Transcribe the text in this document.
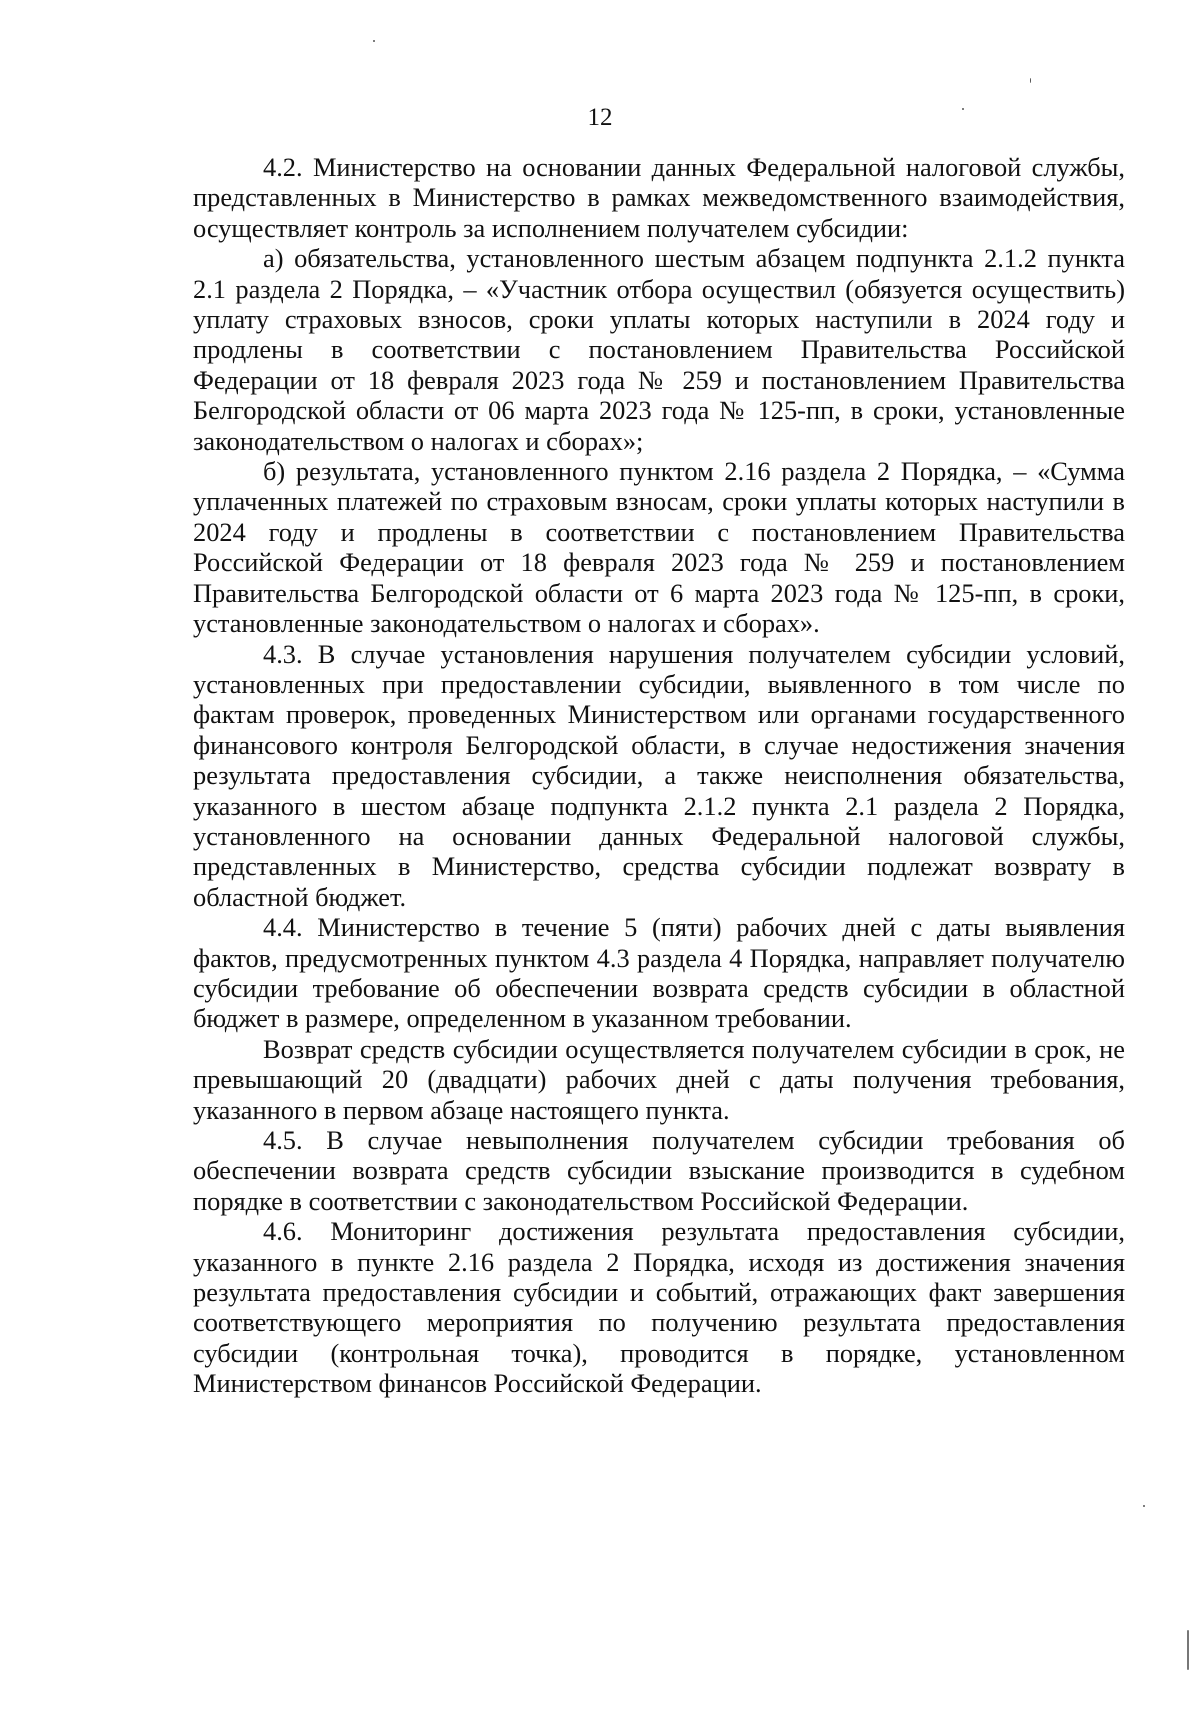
12

4.2. Министерство на основании данных Федеральной налоговой службы, представленных в Министерство в рамках межведомственного взаимодействия, осуществляет контроль за исполнением получателем субсидии:

а) обязательства, установленного шестым абзацем подпункта 2.1.2 пункта 2.1 раздела 2 Порядка, – «Участник отбора осуществил (обязуется осуществить) уплату страховых взносов, сроки уплаты которых наступили в 2024 году и продлены в соответствии с постановлением Правительства Российской Федерации от 18 февраля 2023 года № 259 и постановлением Правительства Белгородской области от 06 марта 2023 года № 125-пп, в сроки, установленные законодательством о налогах и сборах»;

б) результата, установленного пунктом 2.16 раздела 2 Порядка, – «Сумма уплаченных платежей по страховым взносам, сроки уплаты которых наступили в 2024 году и продлены в соответствии с постановлением Правительства Российской Федерации от 18 февраля 2023 года № 259 и постановлением Правительства Белгородской области от 6 марта 2023 года № 125-пп, в сроки, установленные законодательством о налогах и сборах».

4.3. В случае установления нарушения получателем субсидии условий, установленных при предоставлении субсидии, выявленного в том числе по фактам проверок, проведенных Министерством или органами государственного финансового контроля Белгородской области, в случае недостижения значения результата предоставления субсидии, а также неисполнения обязательства, указанного в шестом абзаце подпункта 2.1.2 пункта 2.1 раздела 2 Порядка, установленного на основании данных Федеральной налоговой службы, представленных в Министерство, средства субсидии подлежат возврату в областной бюджет.

4.4. Министерство в течение 5 (пяти) рабочих дней с даты выявления фактов, предусмотренных пунктом 4.3 раздела 4 Порядка, направляет получателю субсидии требование об обеспечении возврата средств субсидии в областной бюджет в размере, определенном в указанном требовании.

Возврат средств субсидии осуществляется получателем субсидии в срок, не превышающий 20 (двадцати) рабочих дней с даты получения требования, указанного в первом абзаце настоящего пункта.

4.5. В случае невыполнения получателем субсидии требования об обеспечении возврата средств субсидии взыскание производится в судебном порядке в соответствии с законодательством Российской Федерации.

4.6. Мониторинг достижения результата предоставления субсидии, указанного в пункте 2.16 раздела 2 Порядка, исходя из достижения значения результата предоставления субсидии и событий, отражающих факт завершения соответствующего мероприятия по получению результата предоставления субсидии (контрольная точка), проводится в порядке, установленном Министерством финансов Российской Федерации.
